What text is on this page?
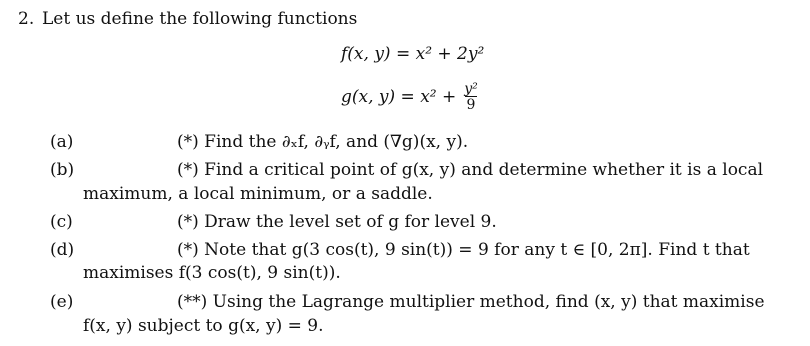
2. Let us define the following functions
f(x, y) = x² + 2y²
g(x, $y) = x^2 + \frac{\text{y²}}{9}$
(a)	(*) Find the ∂ₓf, ∂ᵧf, and (∇g)(x, y).
(b)	(*) Find a critical point of g(x, y) and determine whether it is a local
maximum, a local minimum, or a saddle.
(c)	(*) Draw the level set of g for level 9.
(d)	(*) Note that g(3 cos(t), 9 sin(t)) = 9 for any t ∈ [0, 2π]. Find t that
maximises f(3 cos(t), 9 sin(t)).
(e)	(**) Using the Lagrange multiplier method, find (x, y) that maximise
f(x, y) subject to g(x, y) = 9.
